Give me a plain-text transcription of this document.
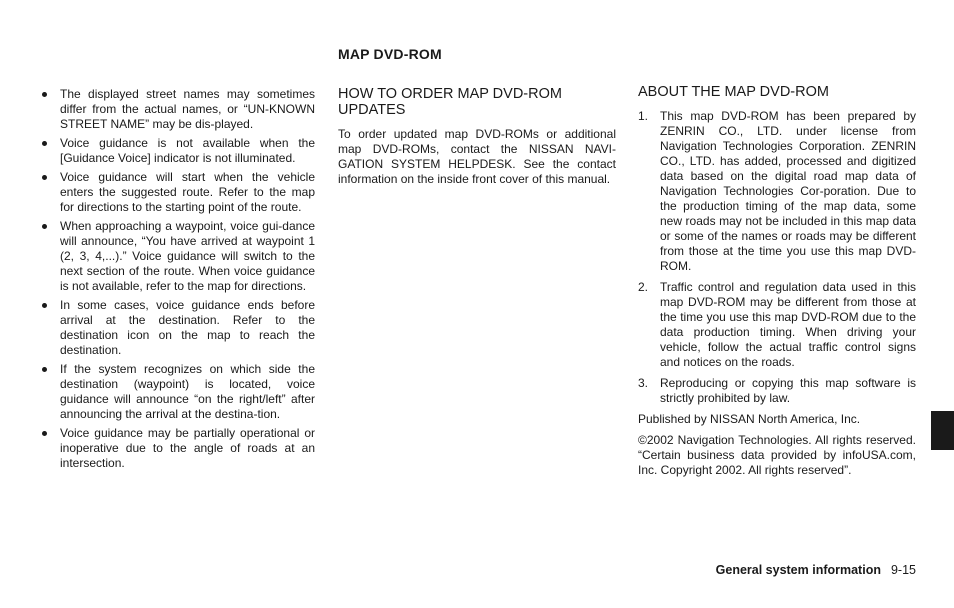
MAP DVD-ROM
The displayed street names may sometimes differ from the actual names, or “UN-KNOWN STREET NAME” may be dis-played.
Voice guidance is not available when the [Guidance Voice] indicator is not illuminated.
Voice guidance will start when the vehicle enters the suggested route. Refer to the map for directions to the starting point of the route.
When approaching a waypoint, voice gui-dance will announce, “You have arrived at waypoint 1 (2, 3, 4,...).” Voice guidance will switch to the next section of the route. When voice guidance is not available, refer to the map for directions.
In some cases, voice guidance ends before arrival at the destination. Refer to the destination icon on the map to reach the destination.
If the system recognizes on which side the destination (waypoint) is located, voice guidance will announce “on the right/left” after announcing the arrival at the destina-tion.
Voice guidance may be partially operational or inoperative due to the angle of roads at an intersection.
HOW TO ORDER MAP DVD-ROM UPDATES

To order updated map DVD-ROMs or additional map DVD-ROMs, contact the NISSAN NAVI-GATION SYSTEM HELPDESK. See the contact information on the inside front cover of this manual.

ABOUT THE MAP DVD-ROM
1. This map DVD-ROM has been prepared by ZENRIN CO., LTD. under license from Navigation Technologies Corporation. ZENRIN CO., LTD. has added, processed and digitized data based on the digital road map data of Navigation Technologies Cor-poration. Due to the production timing of the map data, some new roads may not be included in this map data or some of the names or roads may be different from those at the time you use this map DVD-ROM.
2. Traffic control and regulation data used in this map DVD-ROM may be different from those at the time you use this map DVD-ROM due to the data production timing. When driving your vehicle, follow the actual traffic control signs and notices on the roads.
3. Reproducing or copying this map software is strictly prohibited by law.

Published by NISSAN North America, Inc.

©2002 Navigation Technologies. All rights reserved. “Certain business data provided by infoUSA.com, Inc. Copyright 2002. All rights reserved”.

General system information 9-15
